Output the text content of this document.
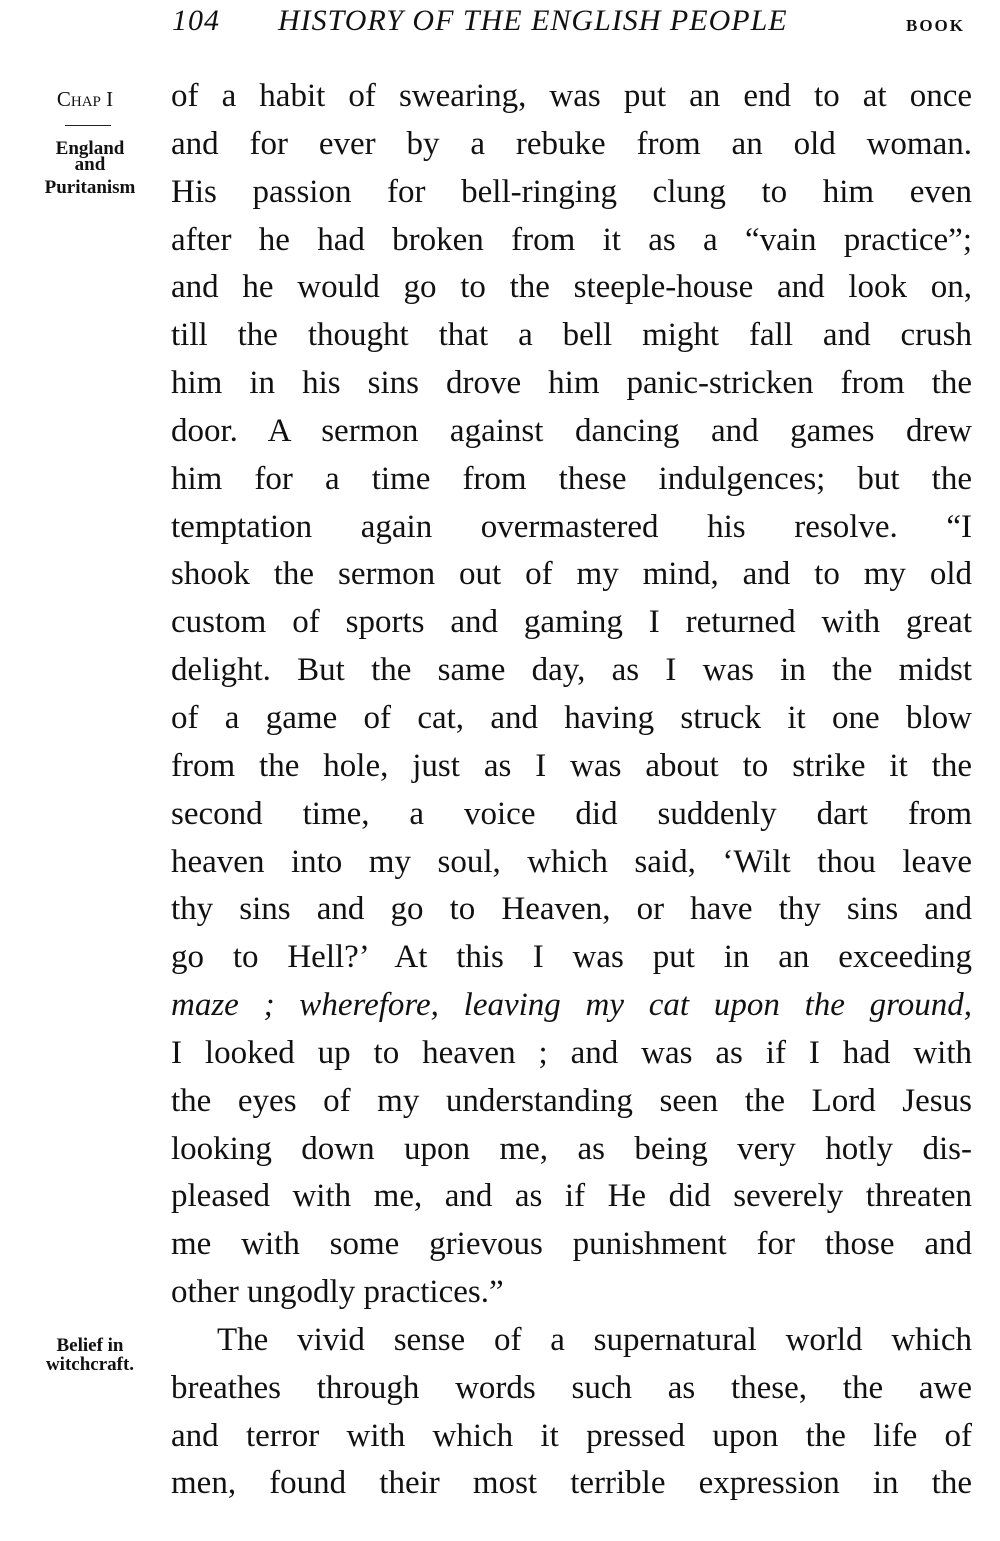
104 HISTORY OF THE ENGLISH PEOPLE	BOOK
Chap I
England
and
Puritanism
Belief in
witchcraft.
of a habit of swearing, was put an end to at once
and for ever by a rebuke from an old woman.
His passion for bell-ringing clung to him even
after he had broken from it as a “vain practice”;
and he would go to the steeple-house and look on,
till the thought that a bell might fall and crush
him in his sins drove him panic-stricken from the
door. A sermon against dancing and games drew
him for a time from these indulgences; but the
temptation again overmastered his resolve. “I
shook the sermon out of my mind, and to my old
custom of sports and gaming I returned with great
delight. But the same day, as I was in the midst
of a game of cat, and having struck it one blow
from the hole, just as I was about to strike it the
second time, a voice did suddenly dart from
heaven into my soul, which said, ‘Wilt thou leave
thy sins and go to Heaven, or have thy sins and
go to Hell?’ At this I was put in an exceeding
maze ; wherefore, leaving my cat upon the ground,
I looked up to heaven ; and was as if I had with
the eyes of my understanding seen the Lord Jesus
looking down upon me, as being very hotly dis-
pleased with me, and as if He did severely threaten
me with some grievous punishment for those and
other ungodly practices.”
The vivid sense of a supernatural world which
breathes through words such as these, the awe
and terror with which it pressed upon the life of
men, found their most terrible expression in the
